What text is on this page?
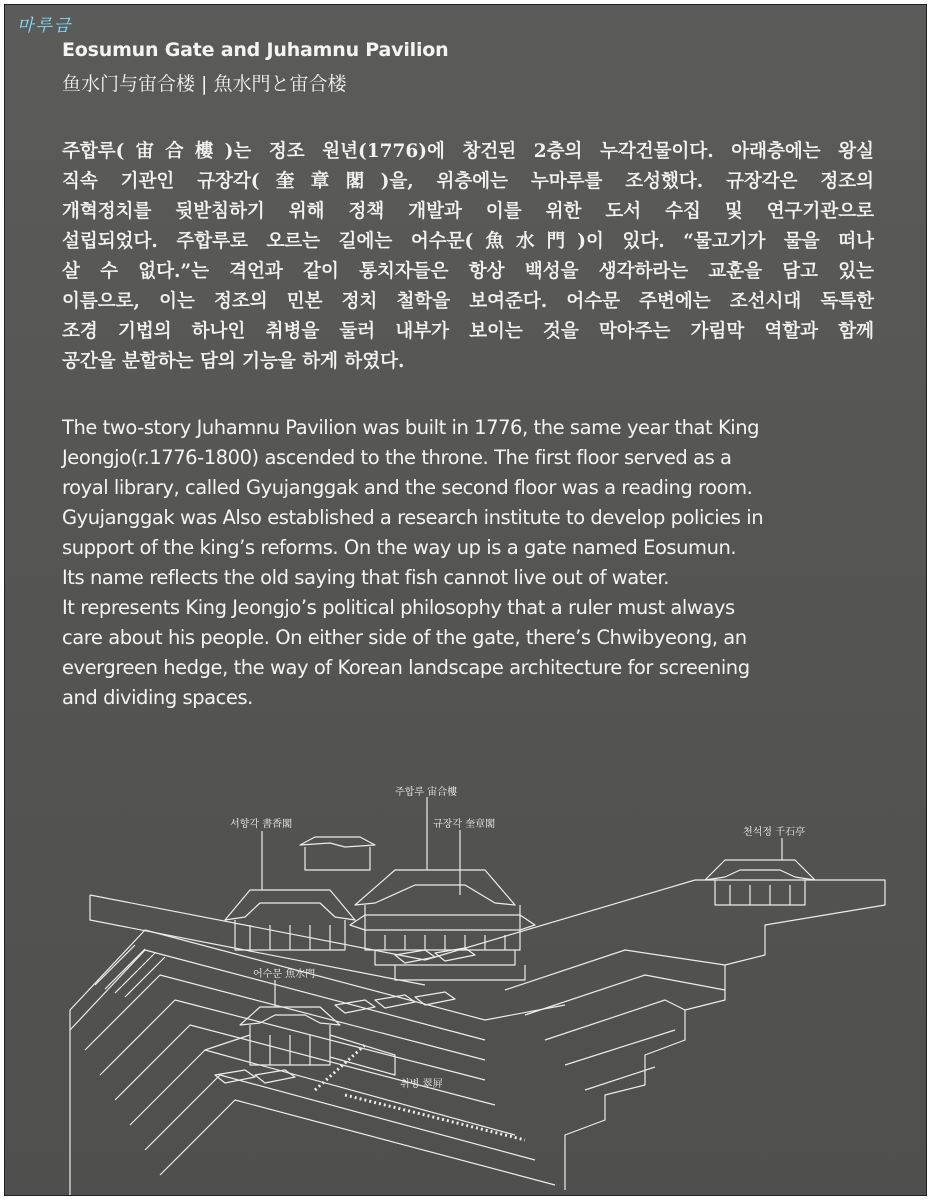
마루금
Eosumun Gate and Juhamnu Pavilion
鱼水门与宙合楼 | 魚水門と宙合楼
주합루(宙合樓)는 정조 원년(1776)에 창건된 2층의 누각건물이다. 아래층에는 왕실
직속 기관인 규장각(奎章閣)을, 위층에는 누마루를 조성했다. 규장각은 정조의
개혁정치를 뒷받침하기 위해 정책 개발과 이를 위한 도서 수집 및 연구기관으로
설립되었다. 주합루로 오르는 길에는 어수문(魚水門)이 있다. “물고기가 물을 떠나
살 수 없다.”는 격언과 같이 통치자들은 항상 백성을 생각하라는 교훈을 담고 있는
이름으로, 이는 정조의 민본 정치 철학을 보여준다. 어수문 주변에는 조선시대 독특한
조경 기법의 하나인 취병을 둘러 내부가 보이는 것을 막아주는 가림막 역할과 함께
공간을 분할하는 담의 기능을 하게 하였다.
The two-story Juhamnu Pavilion was built in 1776, the same year that King
Jeongjo(r.1776-1800) ascended to the throne. The first floor served as a
royal library, called Gyujanggak and the second floor was a reading room.
Gyujanggak was Also established a research institute to develop policies in
support of the king’s reforms. On the way up is a gate named Eosumun.
Its name reflects the old saying that fish cannot live out of water.
It represents King Jeongjo’s political philosophy that a ruler must always
care about his people. On either side of the gate, there’s Chwibyeong, an
evergreen hedge, the way of Korean landscape architecture for screening
and dividing spaces.
주합루 宙合樓
규장각 奎章閣
서향각 書香閣
천석정 千石亭
어수문 魚水門
취병 翠屛
